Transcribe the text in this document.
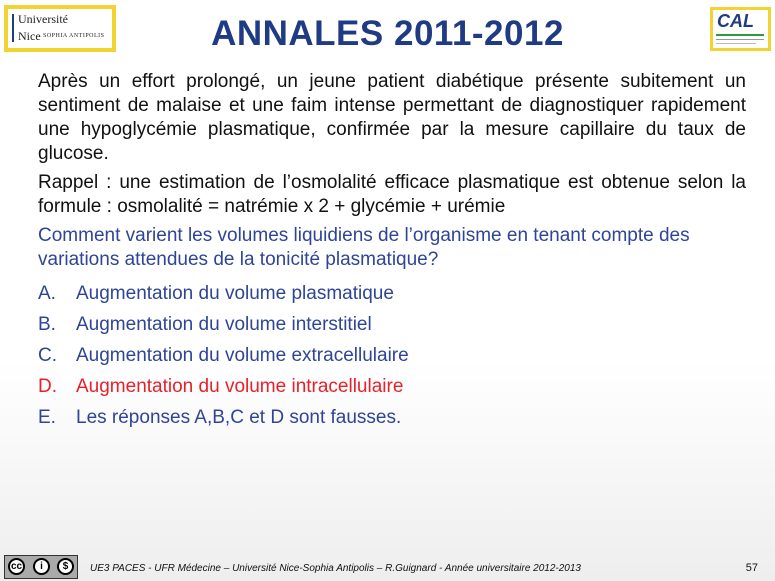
Université
Nice SOPHIA ANTIPOLIS	ANNALES 2011-2012	CAL

Après un effort prolongé, un jeune patient diabétique présente subitement un sentiment de malaise et une faim intense permettant de diagnostiquer rapidement une hypoglycémie plasmatique, confirmée par la mesure capillaire du taux de glucose.

Rappel : une estimation de l’osmolalité efficace plasmatique est obtenue selon la formule : osmolalité = natrémie x 2 + glycémie + urémie

Comment varient les volumes liquidiens de l’organisme en tenant compte des variations attendues de la tonicité plasmatique?

A. Augmentation du volume plasmatique
B. Augmentation du volume interstitiel
C. Augmentation du volume extracellulaire
D. Augmentation du volume intracellulaire
E. Les réponses A,B,C et D sont fausses.
cc	i	$	UE3 PACES - UFR Médecine – Université Nice-Sophia Antipolis – R.Guignard - Année universitaire 2012-2013	57
